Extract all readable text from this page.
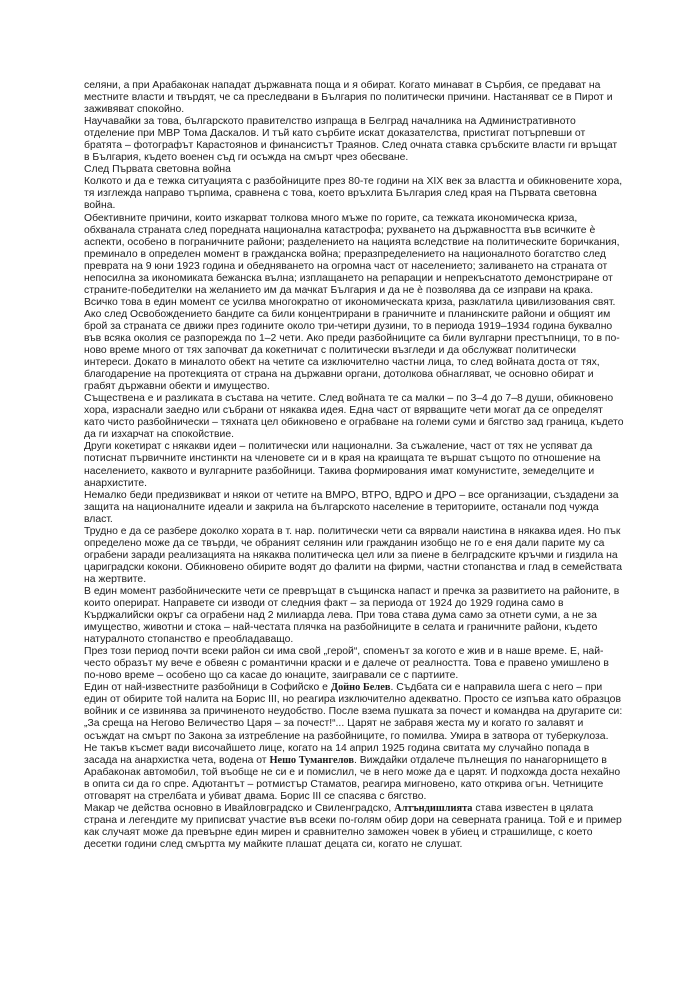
селяни, а при Арабаконак нападат държавната поща и я обират. Когато минават в Сърбия, се предават на местните власти и твърдят, че са преследвани в България по политически причини. Настаняват се в Пирот и заживяват спокойно.

Научавайки за това, българското правителство изпраща в Белград началника на Административното отделение при МВР Тома Даскалов. И тъй като сърбите искат доказателства, пристигат потърпевши от братята – фотографът Карастоянов и финансистът Траянов. След очната ставка сръбските власти ги връщат в България, където военен съд ги осъжда на смърт чрез обесване.

След Първата световна война

Колкото и да е тежка ситуацията с разбойниците през 80-те години на XIX век за властта и обикновените хора, тя изглежда направо търпима, сравнена с това, което връхлита България след края на Първата световна война.

Обективните причини, които изкарват толкова много мъже по горите, са тежката икономическа криза, обхванала страната след поредната национална катастрофа; рухването на държавността във всичките ѐ аспекти, особено в пограничните райони; разделението на нацията вследствие на политическите боричкания, преминало в определен момент в гражданска война; преразпределението на националното богатство след преврата на 9 юни 1923 година и обедняването на огромна част от населението; заливането на страната от непосилна за икономиката бежанска вълна; изплащането на репарации и непрекъснатото демонстриране от страните-победителки на желанието им да мачкат България и да не ѐ позволява да се изправи на крака. Всичко това в един момент се усилва многократно от икономическата криза, разклатила цивилизования свят.

Ако след Освобождението бандите са били концентрирани в граничните и планинските райони и общият им брой за страната се движи през годините около три-четири дузини, то в периода 1919–1934 година буквално във всяка околия се разпорежда по 1–2 чети. Ако преди разбойниците са били вулгарни престъпници, то в по-ново време много от тях започват да кокетничат с политически възгледи и да обслужват политически интереси. Докато в миналото обект на четите са изключително частни лица, то след войната доста от тях, благодарение на протекцията от страна на държавни органи, дотолкова обнагляват, че основно обират и грабят държавни обекти и имущество.

Съществена е и разликата в състава на четите. След войната те са малки – по 3–4 до 7–8 души, обикновено хора, израснали заедно или събрани от някаква идея. Една част от вярващите чети могат да се определят като чисто разбойнически – тяхната цел обикновено е ограбване на големи суми и бягство зад граница, където да ги изхарчат на спокойствие.

Други кокетират с някакви идеи – политически или национални. За съжаление, част от тях не успяват да потиснат първичните инстинкти на членовете си и в края на краищата те вършат същото по отношение на населението, каквото и вулгарните разбойници. Такива формирования имат комунистите, земеделците и анархистите.

Немалко беди предизвикват и някои от четите на ВМРО, ВТРО, ВДРО и ДРО – все организации, създадени за защита на националните идеали и закрила на българското население в териториите, останали под чужда власт.

Трудно е да се разбере доколко хората в т. нар. политически чети са вярвали наистина в някаква идея. Но пък определено може да се твърди, че обраният селянин или гражданин изобщо не го е еня дали парите му са ограбени заради реализацията на някаква политическа цел или за пиене в белградските кръчми и гиздила на цариградски кокони. Обикновено обирите водят до фалити на фирми, частни стопанства и глад в семействата на жертвите.

В един момент разбойническите чети се превръщат в същинска напаст и пречка за развитието на районите, в които оперират. Направете си изводи от следния факт – за периода от 1924 до 1929 година само в Кърджалийски окръг са ограбени над 2 милиарда лева. При това става дума само за отнети суми, а не за имущество, животни и стока – най-честата плячка на разбойниците в селата и граничните райони, където натуралното стопанство е преобладаващо.

През този период почти всеки район си има свой „герой“, споменът за когото е жив и в наше време. Е, най-често образът му вече е обвеян с романтични краски и е далече от реалността. Това е правено умишлено в по-ново време – особено що са касае до юнаците, заигравали се с партиите.

Един от най-известните разбойници в Софийско е Дойно Белев. Съдбата си е направила шега с него – при един от обирите той налита на Борис III, но реагира изключително адекватно. Просто се изпъва като образцов войник и се извинява за причиненото неудобство. После взема пушката за почест и командва на другарите си: „За среща на Негово Величество Царя – за почест!“... Царят не забравя жеста му и когато го залавят и осъждат на смърт по Закона за изтребление на разбойниците, го помилва. Умира в затвора от туберкулоза.

Не такъв късмет вади височайшето лице, когато на 14 април 1925 година свитата му случайно попада в засада на анархистка чета, водена от Нешо Тумангелов. Виждайки отдалече пълнещия по нанагорнището в Арабаконак автомобил, той въобще не си е и помислил, че в него може да е царят. И подхожда доста нехайно в опита си да го спре. Адютантът – ротмистър Стаматов, реагира мигновено, като открива огън. Четниците отговарят на стрелбата и убиват двама. Борис III се спасява с бягство.

Макар че действа основно в Ивайловградско и Свиленградско, Алтъндишлията става известен в цялата страна и легендите му приписват участие във всеки по-голям обир дори на северната граница. Той е и пример как случаят може да превърне един мирен и сравнително заможен човек в убиец и страшилище, с което десетки години след смъртта му майките плашат децата си, когато не слушат.
